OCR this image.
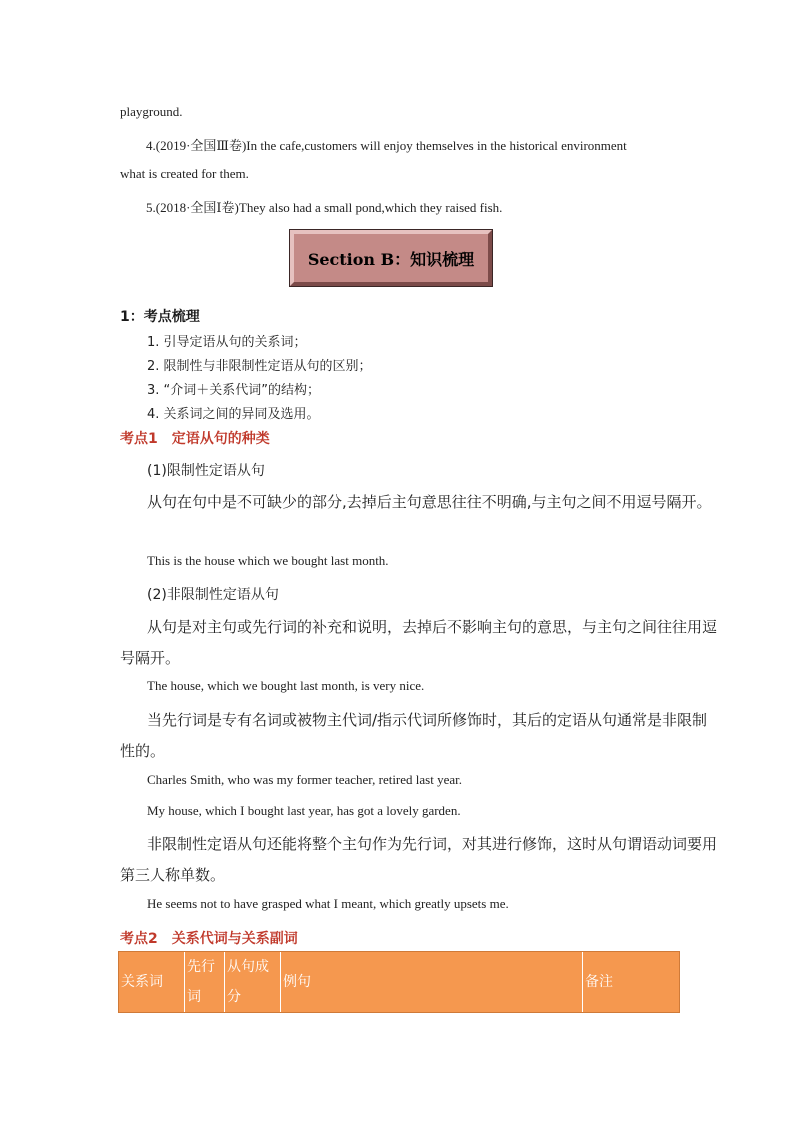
playground.

4.(2019·全国Ⅲ卷)In the cafe,customers will enjoy themselves in the historical environment

what is created for them.

5.(2018·全国Ⅰ卷)They also had a small pond,which they raised fish.

Section B：知识梳理

1：考点梳理

1. 引导定语从句的关系词；

2. 限制性与非限制性定语从句的区别；

3. “介词＋关系代词”的结构；

4. 关系词之间的异同及选用。

考点1　定语从句的种类

(1)限制性定语从句

从句在句中是不可缺少的部分,去掉后主句意思往往不明确,与主句之间不用逗号隔开。

This is the house which we bought last month.

(2)非限制性定语从句

从句是对主句或先行词的补充和说明，去掉后不影响主句的意思，与主句之间往往用逗

号隔开。

The house, which we bought last month, is very nice.

当先行词是专有名词或被物主代词/指示代词所修饰时，其后的定语从句通常是非限制

性的。

Charles Smith, who was my former teacher, retired last year.

My house, which I bought last year, has got a lovely garden.

非限制性定语从句还能将整个主句作为先行词，对其进行修饰，这时从句谓语动词要用

第三人称单数。

He seems not to have grasped what I meant, which greatly upsets me.

考点2　关系代词与关系副词

关系词
先行
词
从句成
分
例句	备注
